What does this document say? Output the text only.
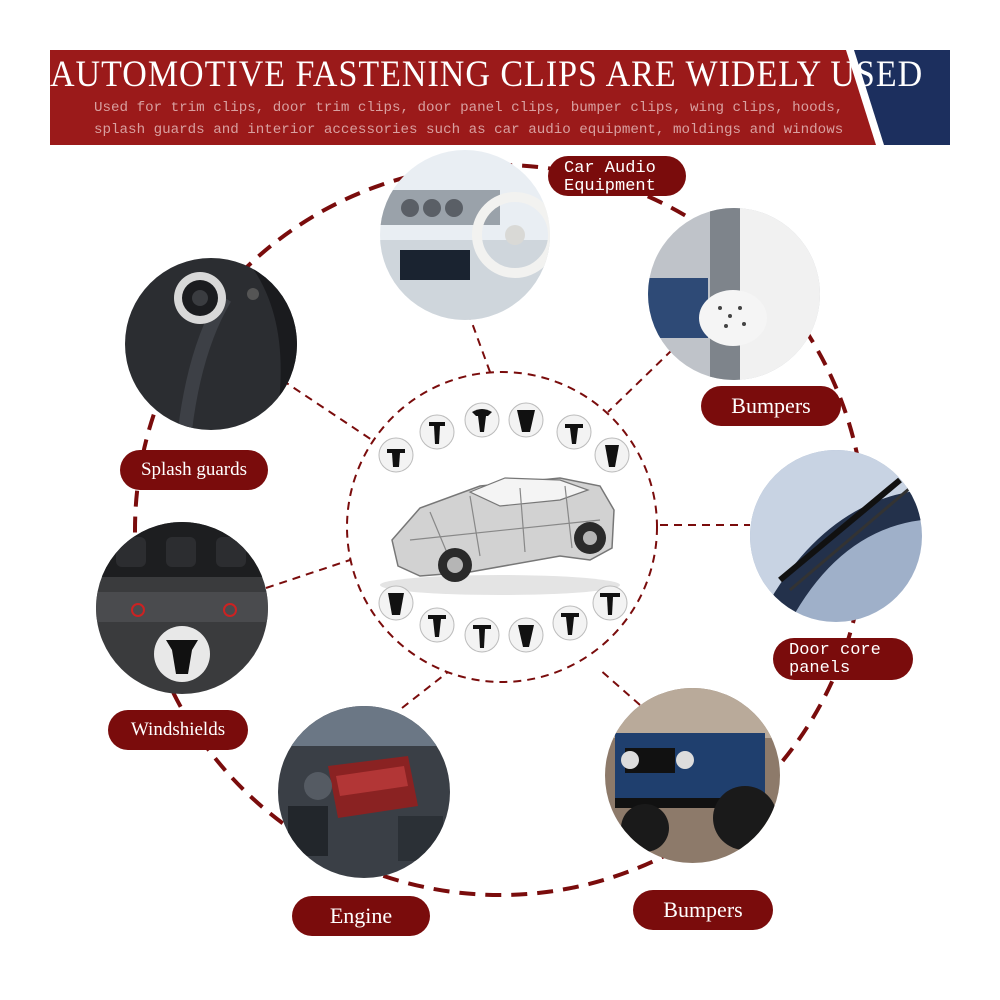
AUTOMOTIVE FASTENING CLIPS ARE WIDELY USED
Used for trim clips, door trim clips, door panel clips, bumper clips, wing clips, hoods,
splash guards and interior accessories such as car audio equipment, moldings and windows
Car Audio
Equipment
Bumpers
Splash guards
Door core
panels
Windshields
Engine	Bumpers
